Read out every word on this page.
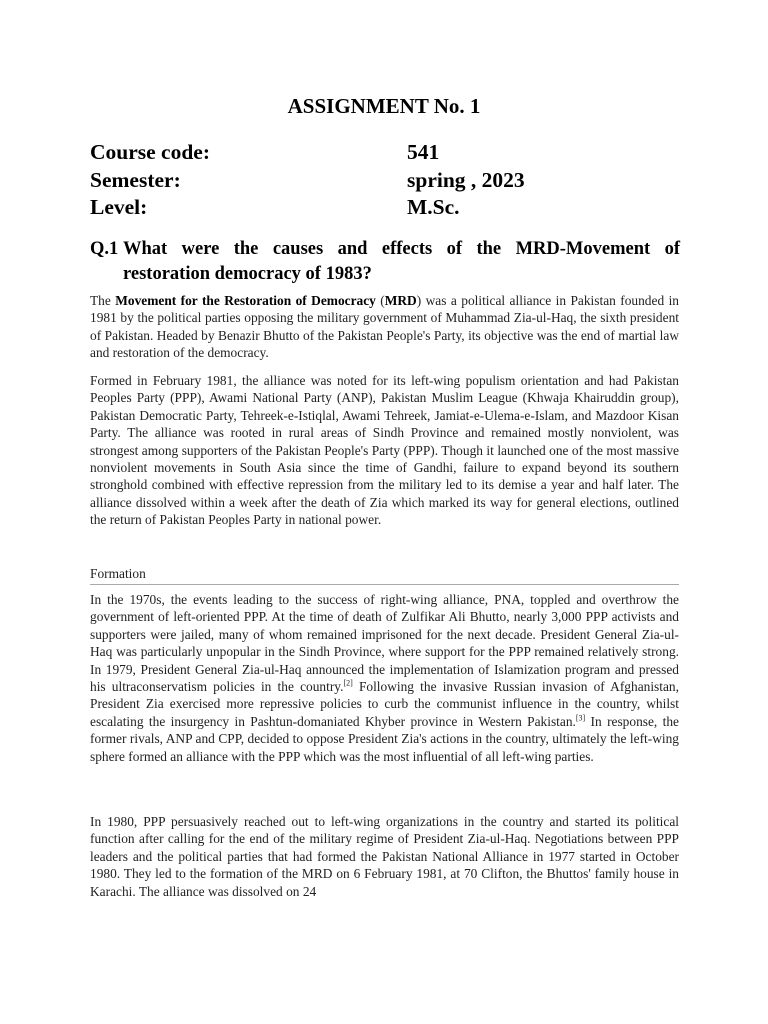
ASSIGNMENT No. 1
Course code:	541
Semester:	spring , 2023
Level:	M.Sc.
Q.1 What were the causes and effects of the MRD-Movement of restoration democracy of 1983?

The Movement for the Restoration of Democracy (MRD) was a political alliance in Pakistan founded in 1981 by the political parties opposing the military government of Muhammad Zia-ul-Haq, the sixth president of Pakistan. Headed by Benazir Bhutto of the Pakistan People's Party, its objective was the end of martial law and restoration of the democracy.

Formed in February 1981, the alliance was noted for its left-wing populism orientation and had Pakistan Peoples Party (PPP), Awami National Party (ANP), Pakistan Muslim League (Khwaja Khairuddin group), Pakistan Democratic Party, Tehreek-e-Istiqlal, Awami Tehreek, Jamiat-e-Ulema-e-Islam, and Mazdoor Kisan Party. The alliance was rooted in rural areas of Sindh Province and remained mostly nonviolent, was strongest among supporters of the Pakistan People's Party (PPP). Though it launched one of the most massive nonviolent movements in South Asia since the time of Gandhi, failure to expand beyond its southern stronghold combined with effective repression from the military led to its demise a year and half later. The alliance dissolved within a week after the death of Zia which marked its way for general elections, outlined the return of Pakistan Peoples Party in national power.

Formation

In the 1970s, the events leading to the success of right-wing alliance, PNA, toppled and overthrow the government of left-oriented PPP. At the time of death of Zulfikar Ali Bhutto, nearly 3,000 PPP activists and supporters were jailed, many of whom remained imprisoned for the next decade. President General Zia-ul-Haq was particularly unpopular in the Sindh Province, where support for the PPP remained relatively strong. In 1979, President General Zia-ul-Haq announced the implementation of Islamization program and pressed his ultraconservatism policies in the country.[2] Following the invasive Russian invasion of Afghanistan, President Zia exercised more repressive policies to curb the communist influence in the country, whilst escalating the insurgency in Pashtun-domaniated Khyber province in Western Pakistan.[3] In response, the former rivals, ANP and CPP, decided to oppose President Zia's actions in the country, ultimately the left-wing sphere formed an alliance with the PPP which was the most influential of all left-wing parties.

In 1980, PPP persuasively reached out to left-wing organizations in the country and started its political function after calling for the end of the military regime of President Zia-ul-Haq. Negotiations between PPP leaders and the political parties that had formed the Pakistan National Alliance in 1977 started in October 1980. They led to the formation of the MRD on 6 February 1981, at 70 Clifton, the Bhuttos' family house in Karachi. The alliance was dissolved on 24
